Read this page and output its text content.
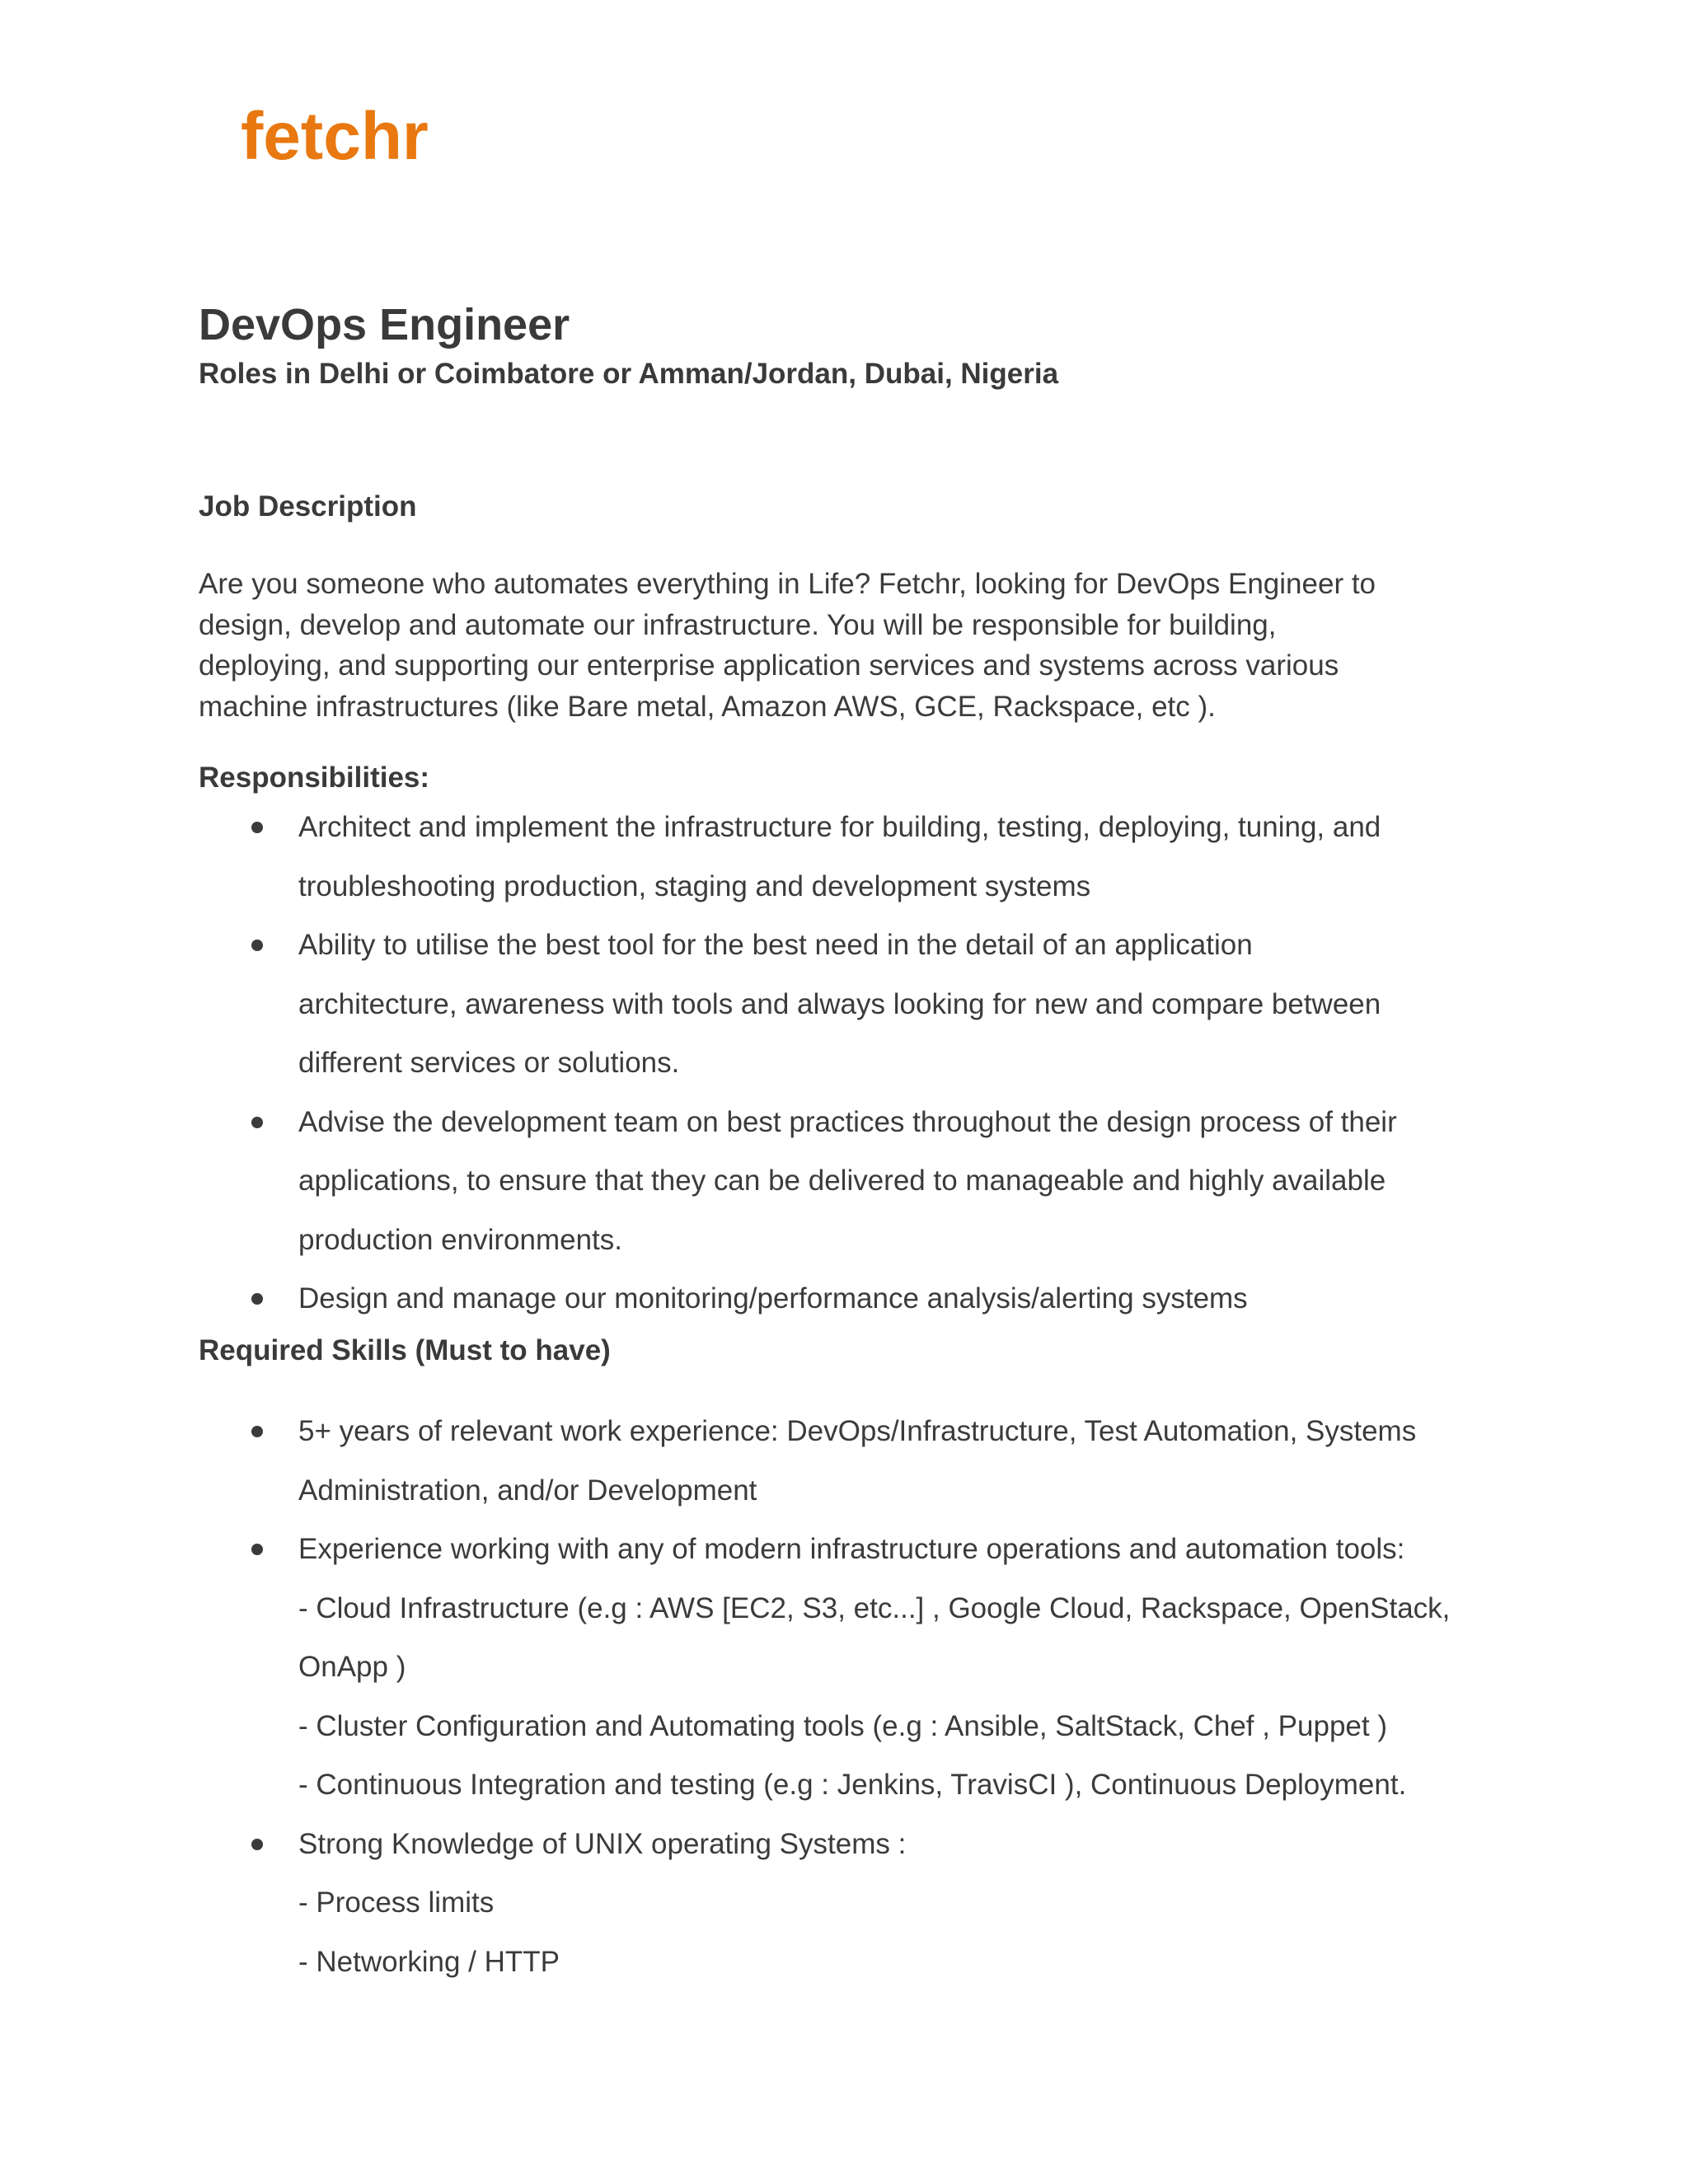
fetchr
DevOps Engineer
Roles in Delhi or Coimbatore or Amman/Jordan, Dubai, Nigeria
Job Description

Are you someone who automates everything in Life? Fetchr, looking for DevOps Engineer to
design, develop and automate our infrastructure. You will be responsible for building,
deploying, and supporting our enterprise application services and systems across various
machine infrastructures (like Bare metal, Amazon AWS, GCE, Rackspace, etc ).

Responsibilities:
Architect and implement the infrastructure for building, testing, deploying, tuning, and
troubleshooting production, staging and development systems
Ability to utilise the best tool for the best need in the detail of an application
architecture, awareness with tools and always looking for new and compare between
different services or solutions.
Advise the development team on best practices throughout the design process of their
applications, to ensure that they can be delivered to manageable and highly available
production environments.
Design and manage our monitoring/performance analysis/alerting systems
Required Skills (Must to have)
5+ years of relevant work experience: DevOps/Infrastructure, Test Automation, Systems
Administration, and/or Development
Experience working with any of modern infrastructure operations and automation tools:
- Cloud Infrastructure (e.g : AWS [EC2, S3, etc...] , Google Cloud, Rackspace, OpenStack,
OnApp )
- Cluster Configuration and Automating tools (e.g : Ansible, SaltStack, Chef , Puppet )
- Continuous Integration and testing (e.g : Jenkins, TravisCI ), Continuous Deployment.
Strong Knowledge of UNIX operating Systems :
- Process limits
- Networking / HTTP
